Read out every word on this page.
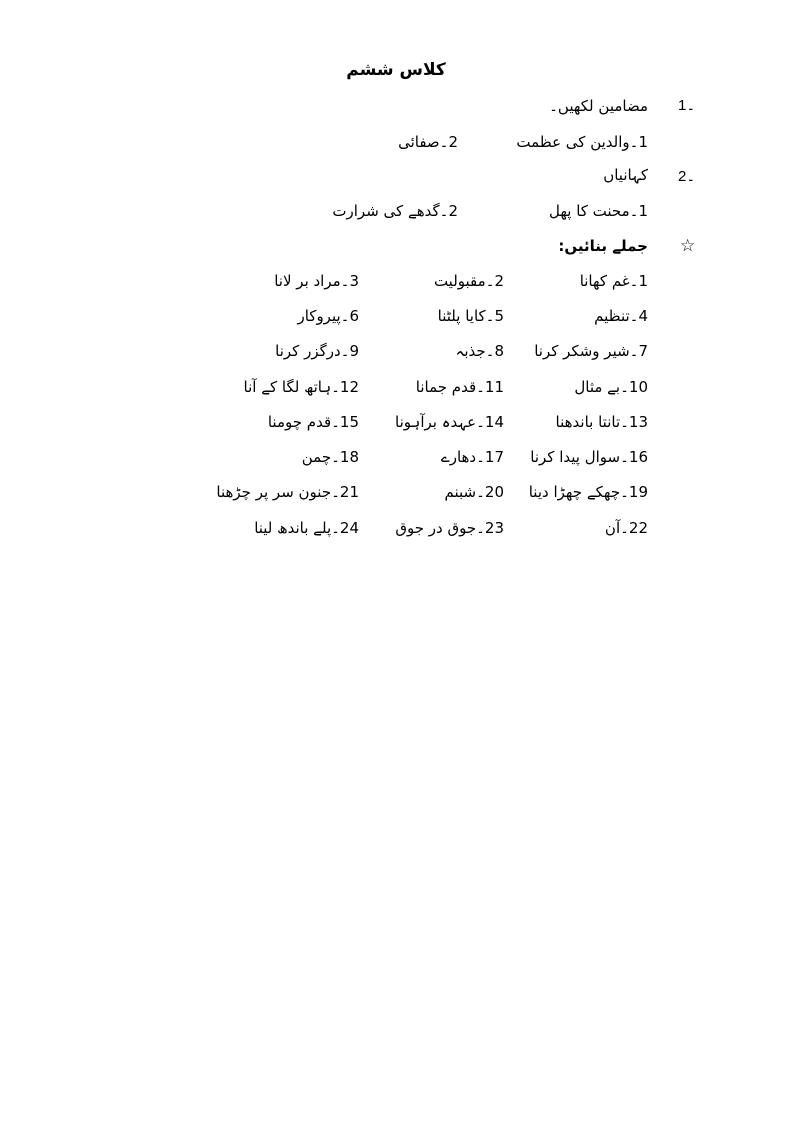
کلاس ششم
1۔
مضامین لکھیں۔
1۔والدین کی عظمت
2۔صفائی
2۔
کہانیاں
1۔محنت کا پھل
2۔گدھے کی شرارت
☆
جملے بنائیں:
1۔غم کھانا
2۔مقبولیت
3۔مراد بر لانا
4۔تنظیم
5۔کایا پلٹنا
6۔پیروکار
7۔شیر وشکر کرنا
8۔جذبہ
9۔درگزر کرنا
10۔بے مثال
11۔قدم جمانا
12۔ہاتھ لگا کے آنا
13۔تانتا باندھنا
14۔عہدہ برآہونا
15۔قدم چومنا
16۔سوال پیدا کرنا
17۔دھارے
18۔چمن
19۔چھکے چھڑا دینا
20۔شبنم
21۔جنون سر پر چڑھنا
22۔آن
23۔جوق در جوق
24۔پلے باندھ لینا
